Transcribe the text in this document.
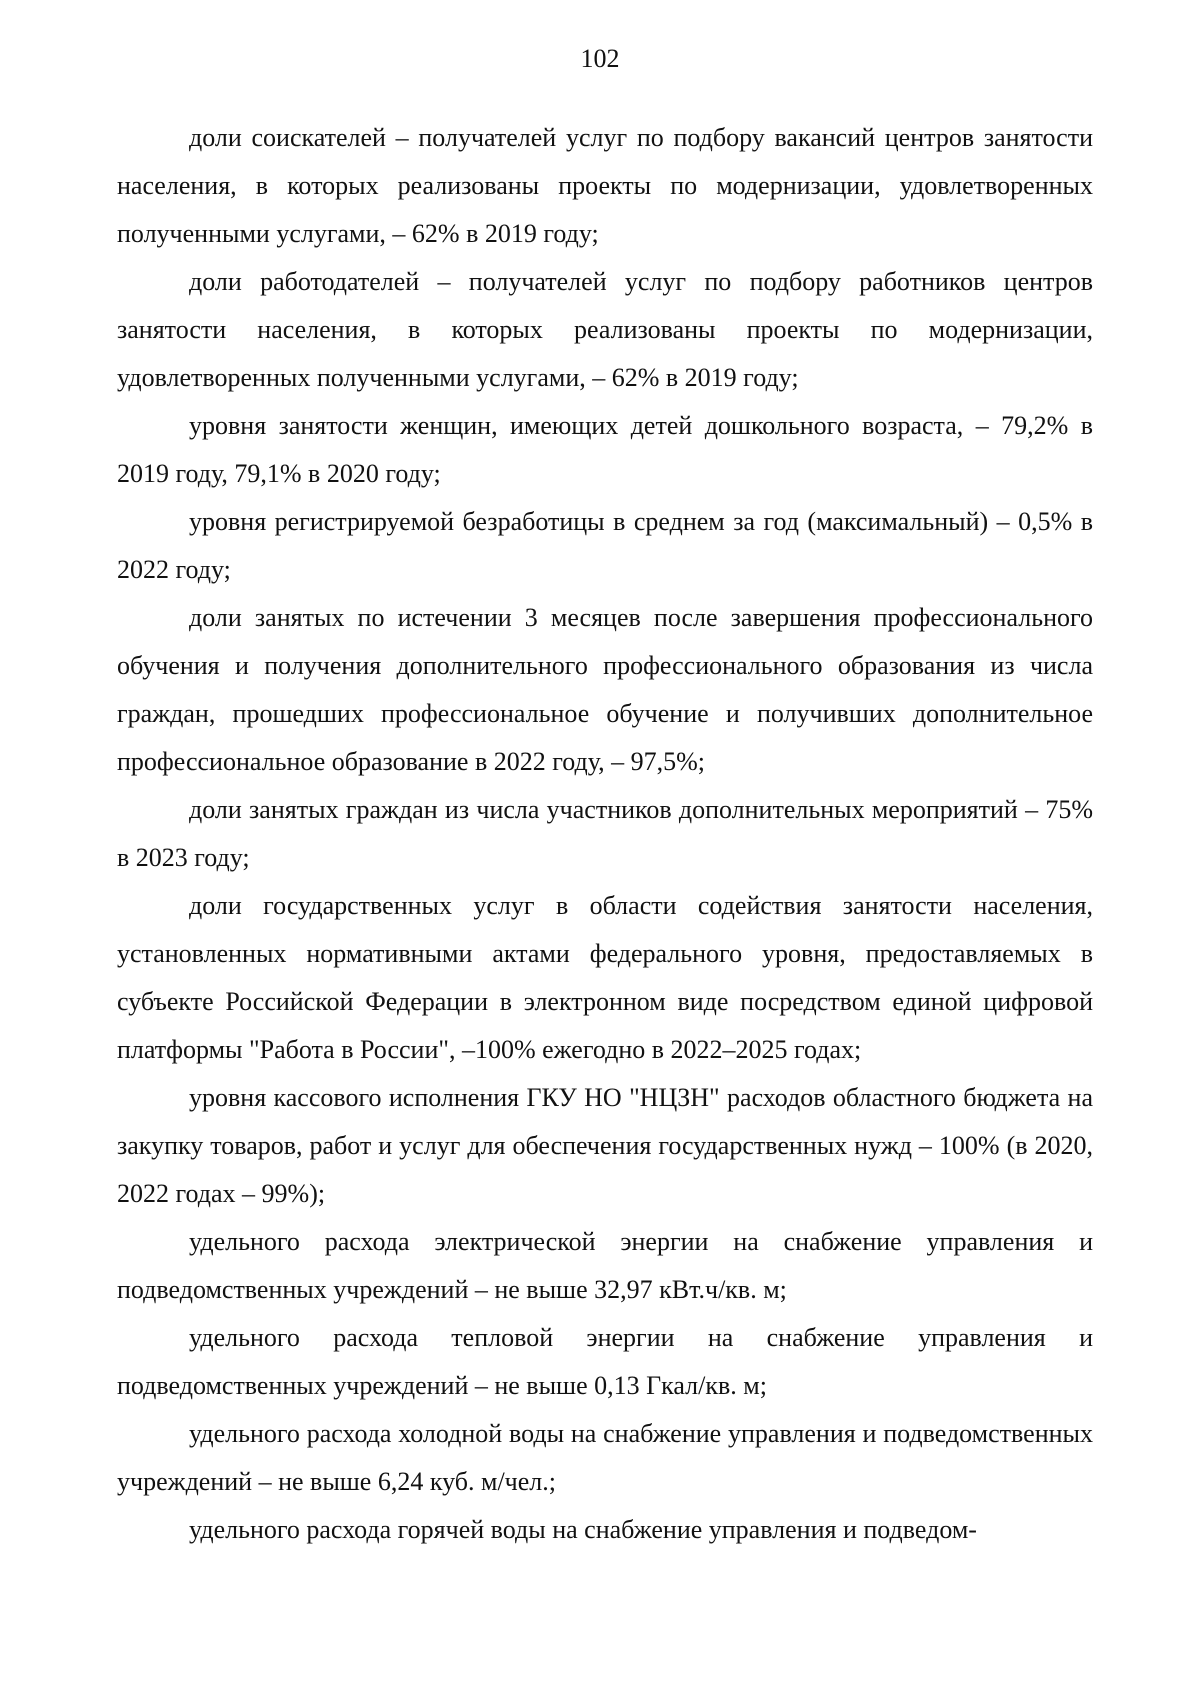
102

доли соискателей – получателей услуг по подбору вакансий центров занятости населения, в которых реализованы проекты по модернизации, удовлетворенных полученными услугами, – 62% в 2019 году;

доли работодателей – получателей услуг по подбору работников центров занятости населения, в которых реализованы проекты по модернизации, удовлетворенных полученными услугами, – 62% в 2019 году;

уровня занятости женщин, имеющих детей дошкольного возраста, – 79,2% в 2019 году, 79,1% в 2020 году;

уровня регистрируемой безработицы в среднем за год (максимальный) – 0,5% в 2022 году;

доли занятых по истечении 3 месяцев после завершения профессионального обучения и получения дополнительного профессионального образования из числа граждан, прошедших профессиональное обучение и получивших дополнительное профессиональное образование в 2022 году, – 97,5%;

доли занятых граждан из числа участников дополнительных мероприятий – 75% в 2023 году;

доли государственных услуг в области содействия занятости населения, установленных нормативными актами федерального уровня, предоставляемых в субъекте Российской Федерации в электронном виде посредством единой цифровой платформы "Работа в России", –100% ежегодно в 2022–2025 годах;

уровня кассового исполнения ГКУ НО "НЦЗН" расходов областного бюджета на закупку товаров, работ и услуг для обеспечения государственных нужд – 100% (в 2020, 2022 годах – 99%);

удельного расхода электрической энергии на снабжение управления и подведомственных учреждений – не выше 32,97 кВт.ч/кв. м;

удельного расхода тепловой энергии на снабжение управления и подведомственных учреждений – не выше 0,13 Гкал/кв. м;

удельного расхода холодной воды на снабжение управления и подведомственных учреждений – не выше 6,24 куб. м/чел.;

удельного расхода горячей воды на снабжение управления и подведом-
